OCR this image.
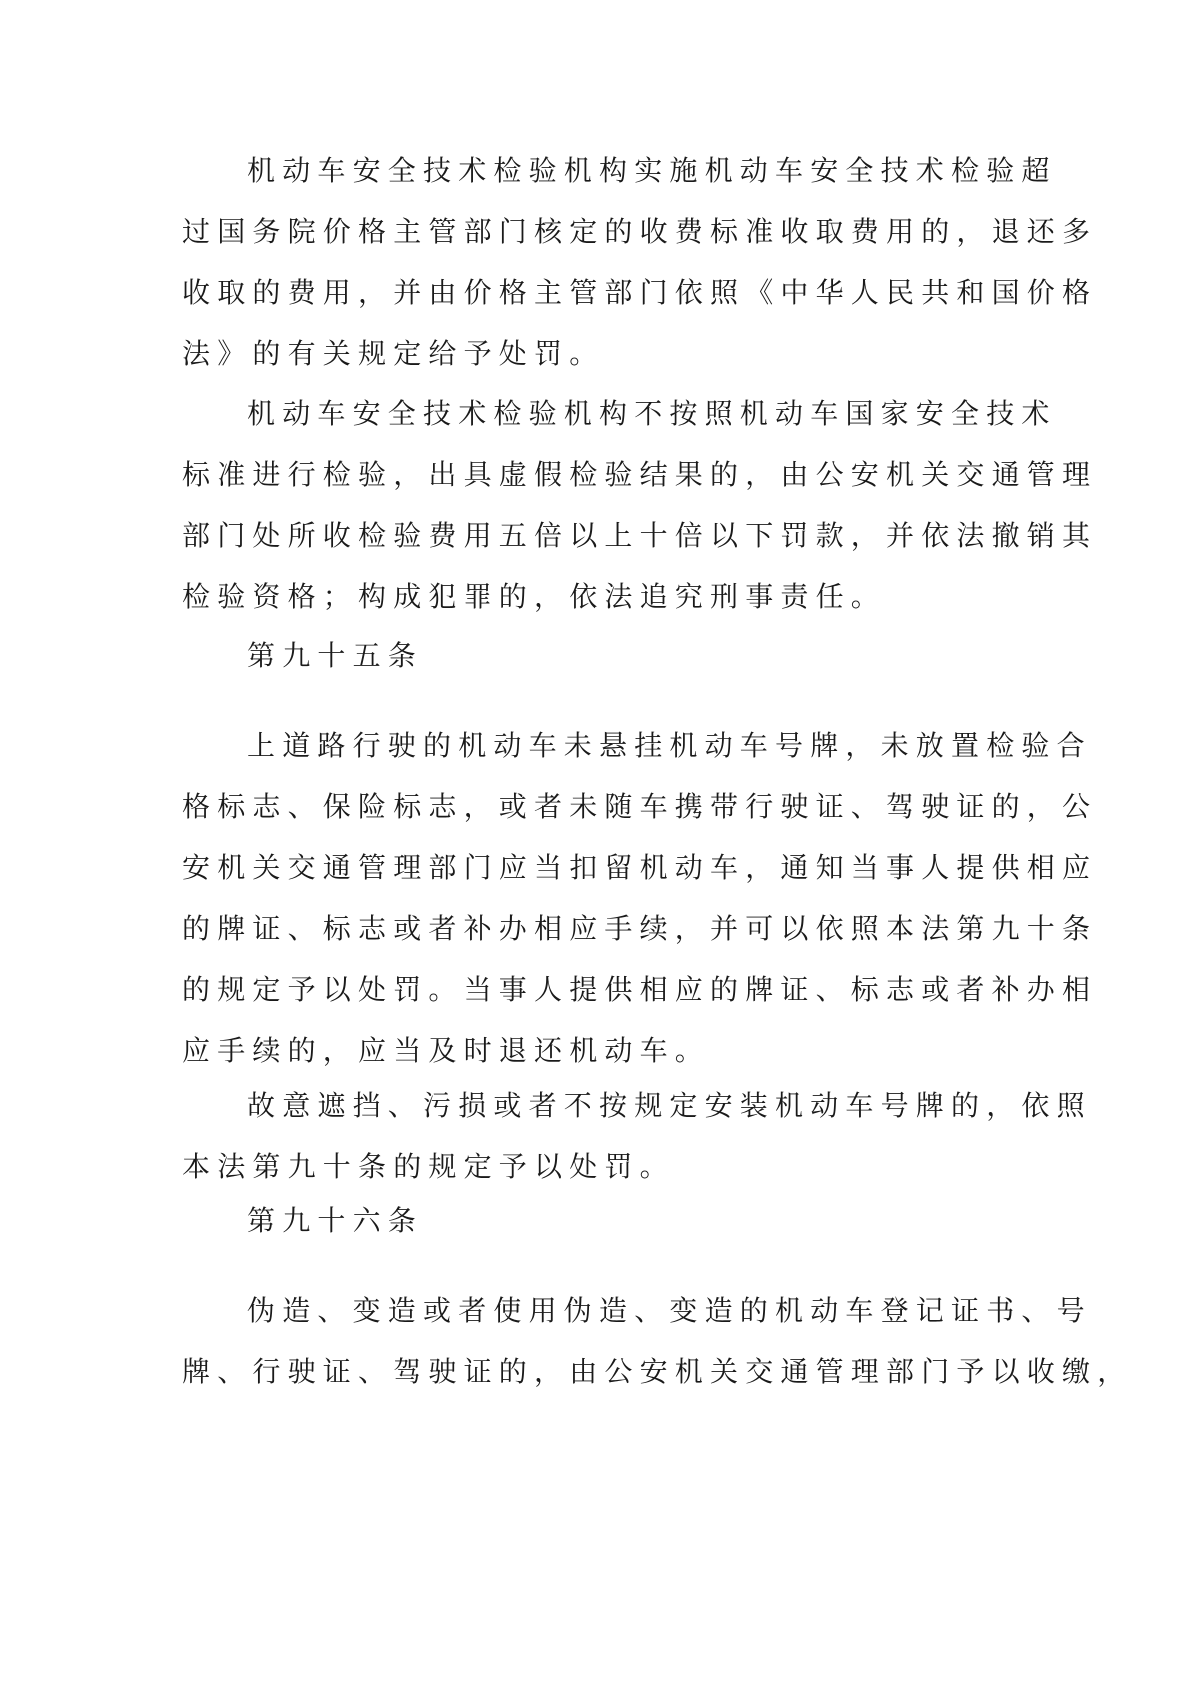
机动车安全技术检验机构实施机动车安全技术检验超
过国务院价格主管部门核定的收费标准收取费用的，退还多
收取的费用，并由价格主管部门依照《中华人民共和国价格
法》的有关规定给予处罚。
机动车安全技术检验机构不按照机动车国家安全技术
标准进行检验，出具虚假检验结果的，由公安机关交通管理
部门处所收检验费用五倍以上十倍以下罚款，并依法撤销其
检验资格；构成犯罪的，依法追究刑事责任。
第九十五条
上道路行驶的机动车未悬挂机动车号牌，未放置检验合
格标志、保险标志，或者未随车携带行驶证、驾驶证的，公
安机关交通管理部门应当扣留机动车，通知当事人提供相应
的牌证、标志或者补办相应手续，并可以依照本法第九十条
的规定予以处罚。当事人提供相应的牌证、标志或者补办相
应手续的，应当及时退还机动车。
故意遮挡、污损或者不按规定安装机动车号牌的，依照
本法第九十条的规定予以处罚。
第九十六条
伪造、变造或者使用伪造、变造的机动车登记证书、号
牌、行驶证、驾驶证的，由公安机关交通管理部门予以收缴，
